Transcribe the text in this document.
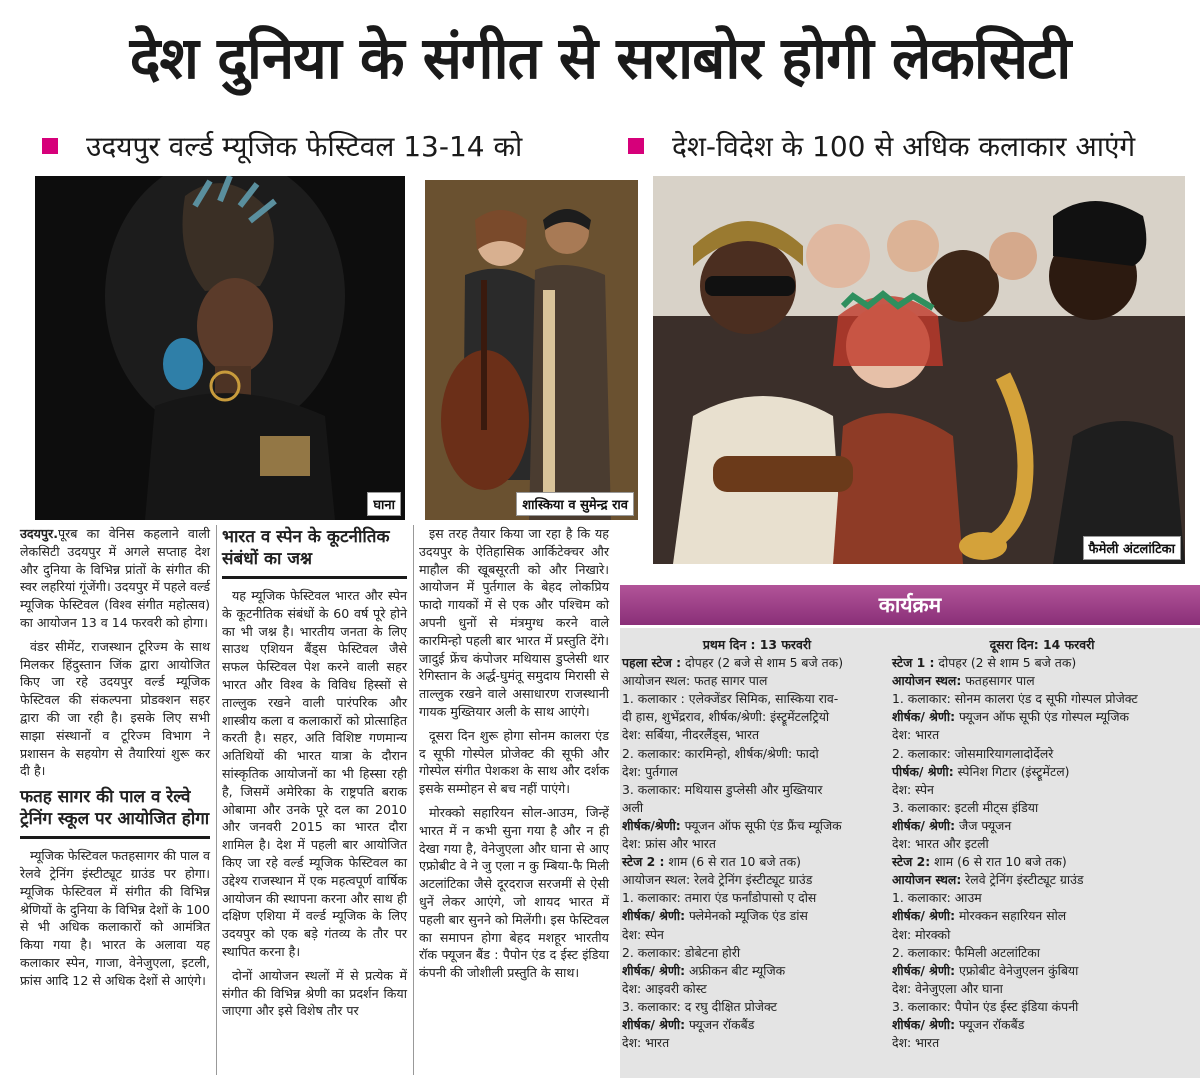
देश दुनिया के संगीत से सराबोर होगी लेकसिटी
उदयपुर वर्ल्ड म्यूजिक फेस्टिवल 13-14 को	देश-विदेश के 100 से अधिक कलाकार आएंगे
घाना	शास्किया व सुमेन्द्र राव
फैमेली अंटलांटिका

उदयपुर.पूरब का वेनिस कहलाने वाली लेकसिटी उदयपुर में अगले सप्ताह देश और दुनिया के विभिन्न प्रांतों के संगीत की स्वर लहरियां गूंजेंगी। उदयपुर में पहले वर्ल्ड म्यूजिक फेस्टिवल (विश्व संगीत महोत्सव) का आयोजन 13 व 14 फरवरी को होगा।

वंडर सीमेंट, राजस्थान टूरिज्म के साथ मिलकर हिंदुस्तान जिंक द्वारा आयोजित किए जा रहे उदयपुर वर्ल्ड म्यूजिक फेस्टिवल की संकल्पना प्रोडक्शन सहर द्वारा की जा रही है। इसके लिए सभी साझा संस्थानों व टूरिज्म विभाग ने प्रशासन के सहयोग से तैयारियां शुरू कर दी है।

फतह सागर की पाल व रेल्वे ट्रेनिंग स्कूल पर आयोजित होगा

म्यूजिक फेस्टिवल फतहसागर की पाल व रेलवे ट्रेनिंग इंस्टीट्यूट ग्राउंड पर होगा। म्यूजिक फेस्टिवल में संगीत की विभिन्न श्रेणियों के दुनिया के विभिन्न देशों के 100 से भी अधिक कलाकारों को आमंत्रित किया गया है। भारत के अलावा यह कलाकार स्पेन, गाजा, वेनेजुएला, इटली, फ्रांस आदि 12 से अधिक देशों से आएंगे।

भारत व स्पेन के कूटनीतिक संबंधों का जश्न

यह म्यूजिक फेस्टिवल भारत और स्पेन के कूटनीतिक संबंधों के 60 वर्ष पूरे होने का भी जश्न है। भारतीय जनता के लिए साउथ एशियन बैंड्स फेस्टिवल जैसे सफल फेस्टिवल पेश करने वाली सहर भारत और विश्व के विविध हिस्सों से ताल्लुक रखने वाली पारंपरिक और शास्त्रीय कला व कलाकारों को प्रोत्साहित करती है। सहर, अति विशिष्ट गणमान्य अतिथियों की भारत यात्रा के दौरान सांस्कृतिक आयोजनों का भी हिस्सा रही है, जिसमें अमेरिका के राष्ट्रपति बराक ओबामा और उनके पूरे दल का 2010 और जनवरी 2015 का भारत दौरा शामिल है। देश में पहली बार आयोजित किए जा रहे वर्ल्ड म्यूजिक फेस्टिवल का उद्देश्य राजस्थान में एक महत्वपूर्ण वार्षिक आयोजन की स्थापना करना और साथ ही दक्षिण एशिया में वर्ल्ड म्यूजिक के लिए उदयपुर को एक बड़े गंतव्य के तौर पर स्थापित करना है।

दोनों आयोजन स्थलों में से प्रत्येक में संगीत की विभिन्न श्रेणी का प्रदर्शन किया जाएगा और इसे विशेष तौर पर

इस तरह तैयार किया जा रहा है कि यह उदयपुर के ऐतिहासिक आर्किटेक्चर और माहौल की खूबसूरती को और निखारे। आयोजन में पुर्तगाल के बेहद लोकप्रिय फादो गायकों में से एक और पश्चिम को अपनी धुनों से मंत्रमुग्ध करने वाले कारमिन्हो पहली बार भारत में प्रस्तुति देंगे। जादुई फ्रेंच कंपोजर मथियास डुप्लेसी थार रेगिस्तान के अर्द्ध-घुमंतू समुदाय मिरासी से ताल्लुक रखने वाले असाधारण राजस्थानी गायक मुख्तियार अली के साथ आएंगे।

दूसरा दिन शुरू होगा सोनम कालरा एंड द सूफी गोस्पेल प्रोजेक्ट की सूफी और गोस्पेल संगीत पेशकश के साथ और दर्शक इसके सम्मोहन से बच नहीं पाएंगे।

मोरक्को सहारियन सोल-आउम, जिन्हें भारत में न कभी सुना गया है और न ही देखा गया है, वेनेजुएला और घाना से आए एफ्रोबीट वे ने जु एला न कु म्बिया-फै मिली अटलांटिका जैसे दूरदराज सरजमीं से ऐसी धुनें लेकर आएंगे, जो शायद भारत में पहली बार सुनने को मिलेंगी। इस फेस्टिवल का समापन होगा बेहद मशहूर भारतीय रॉक फ्यूजन बैंड : पैपोन एंड द ईस्ट इंडिया कंपनी की जोशीली प्रस्तुति के साथ।

कार्यक्रम
प्रथम दिन : 13 फरवरी
पहला स्टेज : दोपहर (2 बजे से शाम 5 बजे तक)
आयोजन स्थल: फतह सागर पाल
1. कलाकार : एलेक्जेंडर सिमिक, सास्किया राव-
दी हास, शुभेंद्रराव, शीर्षक/श्रेणी: इंस्ट्रूमेंटलट्रियो
देश: सर्बिया, नीदरलैंड्स, भारत
2. कलाकार: कारमिन्हो, शीर्षक/श्रेणी: फादो
देश: पुर्तगाल
3. कलाकार: मथियास डुप्लेसी और मुख्तियार
अली
शीर्षक/श्रेणी: फ्यूजन ऑफ सूफी एंड फ्रैंच म्यूजिक
देश: फ्रांस और भारत
स्टेज 2 : शाम (6 से रात 10 बजे तक)
आयोजन स्थल: रेलवे ट्रेनिंग इंस्टीट्यूट ग्राउंड
1. कलाकार: तमारा एंड फर्नांडोपासो ए दोस
शीर्षक/ श्रेणी: फ्लेमेनको म्यूजिक एंड डांस
देश: स्पेन
2. कलाकार: डोबेटना होरी
शीर्षक/ श्रेणी: अफ्रीकन बीट म्यूजिक
देश: आइवरी कोस्ट
3. कलाकार: द रघु दीक्षित प्रोजेक्ट
शीर्षक/ श्रेणी: फ्यूजन रॉकबैंड
देश: भारत
दूसरा दिन: 14 फरवरी
स्टेज 1 : दोपहर (2 से शाम 5 बजे तक)
आयोजन स्थल: फतहसागर पाल
1. कलाकार: सोनम कालरा एंड द सूफी गोस्पल प्रोजेक्ट
शीर्षक/ श्रेणी: फ्यूजन ऑफ सूफी एंड गोस्पल म्यूजिक
देश: भारत
2. कलाकार: जोसमारियागलादोर्देलरे
पीर्षक/ श्रेणी: स्पेनिश गिटार (इंस्ट्रूमेंटल)
देश: स्पेन
3. कलाकार: इटली मीट्स इंडिया
शीर्षक/ श्रेणी: जैज फ्यूजन
देश: भारत और इटली
स्टेज 2: शाम (6 से रात 10 बजे तक)
आयोजन स्थल: रेलवे ट्रेनिंग इंस्टीट्यूट ग्राउंड
1. कलाकार: आउम
शीर्षक/ श्रेणी: मोरक्कन सहारियन सोल
देश: मोरक्को
2. कलाकार: फैमिली अटलांटिका
शीर्षक/ श्रेणी: एफ्रोबीट वेनेजुएलन कुंबिया
देश: वेनेजुएला और घाना
3. कलाकार: पैपोन एंड ईस्ट इंडिया कंपनी
शीर्षक/ श्रेणी: फ्यूजन रॉकबैंड
देश: भारत
